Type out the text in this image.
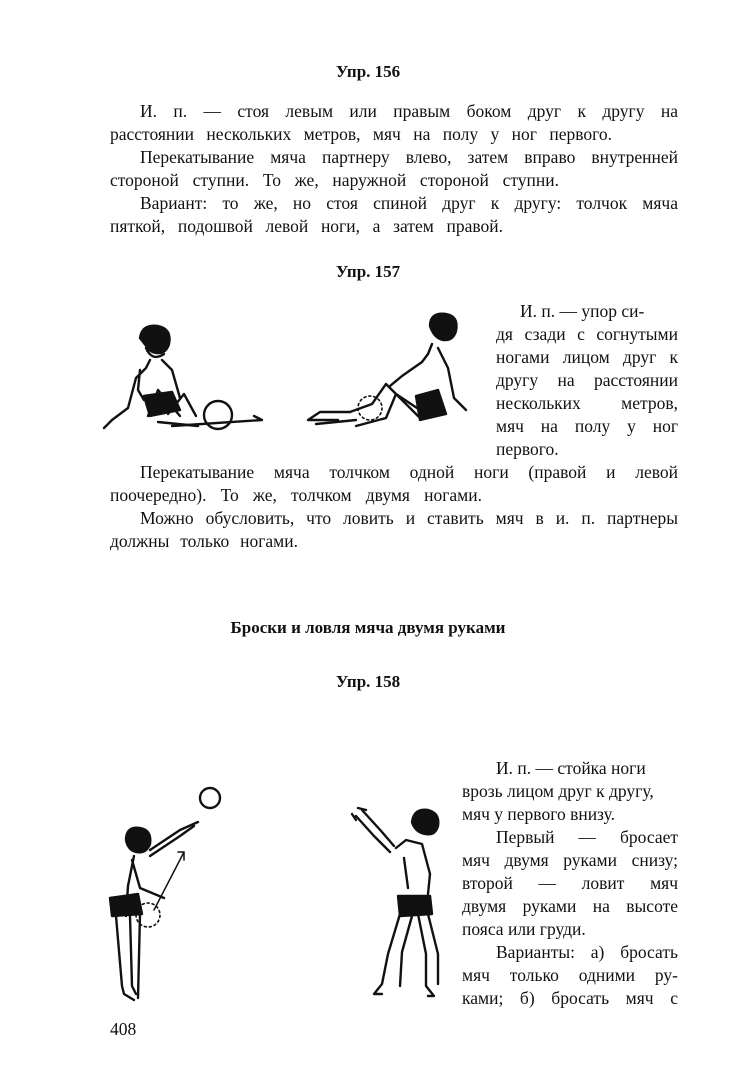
Упр. 156
И. п. — стоя левым или правым боком друг к другу на
расстоянии нескольких метров, мяч на полу у ног первого.
Перекатывание мяча партнеру влево, затем вправо внутренней
стороной ступни. То же, наружной стороной ступни.
Вариант: то же, но стоя спиной друг к другу: толчок мяча
пяткой, подошвой левой ноги, а затем правой.
Упр. 157
И. п. — упор си-
дя сзади с согнутыми
ногами лицом друг к
другу на расстоянии
нескольких метров,
мяч на полу у ног
первого.
Перекатывание мяча толчком одной ноги (правой и левой
поочередно). То же, толчком двумя ногами.
Можно обусловить, что ловить и ставить мяч в и. п. партнеры
должны только ногами.
Броски и ловля мяча двумя руками
Упр. 158
И. п. — стойка ноги
врозь лицом друг к другу,
мяч у первого внизу.
Первый — бросает
мяч двумя руками снизу;
второй — ловит мяч
двумя руками на высоте
пояса или груди.
Варианты: а) бросать
мяч только одними ру-
ками; б) бросать мяч с
408
